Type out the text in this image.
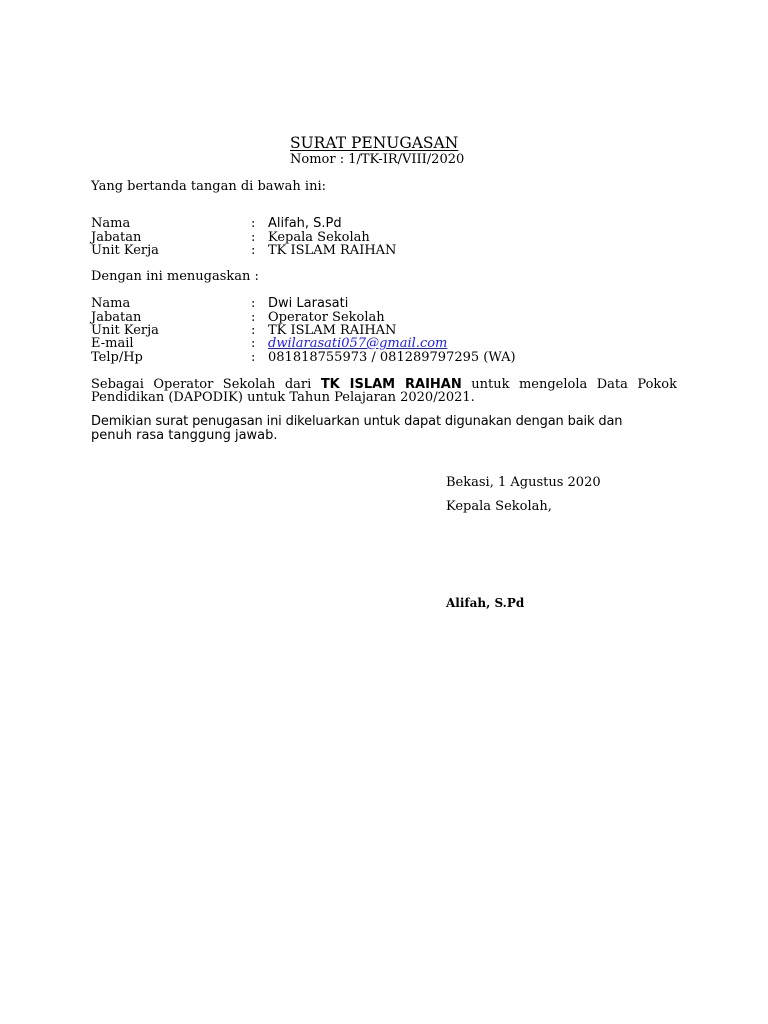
SURAT PENUGASAN
Nomor : 1/TK-IR/VIII/2020
Yang bertanda tangan di bawah ini:
Nama
Jabatan
Unit Kerja
:
:
:
Alifah, S.Pd
Kepala Sekolah
TK ISLAM RAIHAN
Dengan ini menugaskan :
Nama
Jabatan
Unit Kerja
E-mail
Telp/Hp
:
:
:
:
:
Dwi Larasati
Operator Sekolah
TK ISLAM RAIHAN
dwilarasati057@gmail.com
081818755973 / 081289797295 (WA)
Sebagai Operator Sekolah dari TK ISLAM RAIHAN untuk mengelola Data Pokok
Pendidikan (DAPODIK) untuk Tahun Pelajaran 2020/2021.
Demikian surat penugasan ini dikeluarkan untuk dapat digunakan dengan baik dan
penuh rasa tanggung jawab.
Bekasi, 1 Agustus 2020
Kepala Sekolah,
Alifah, S.Pd
